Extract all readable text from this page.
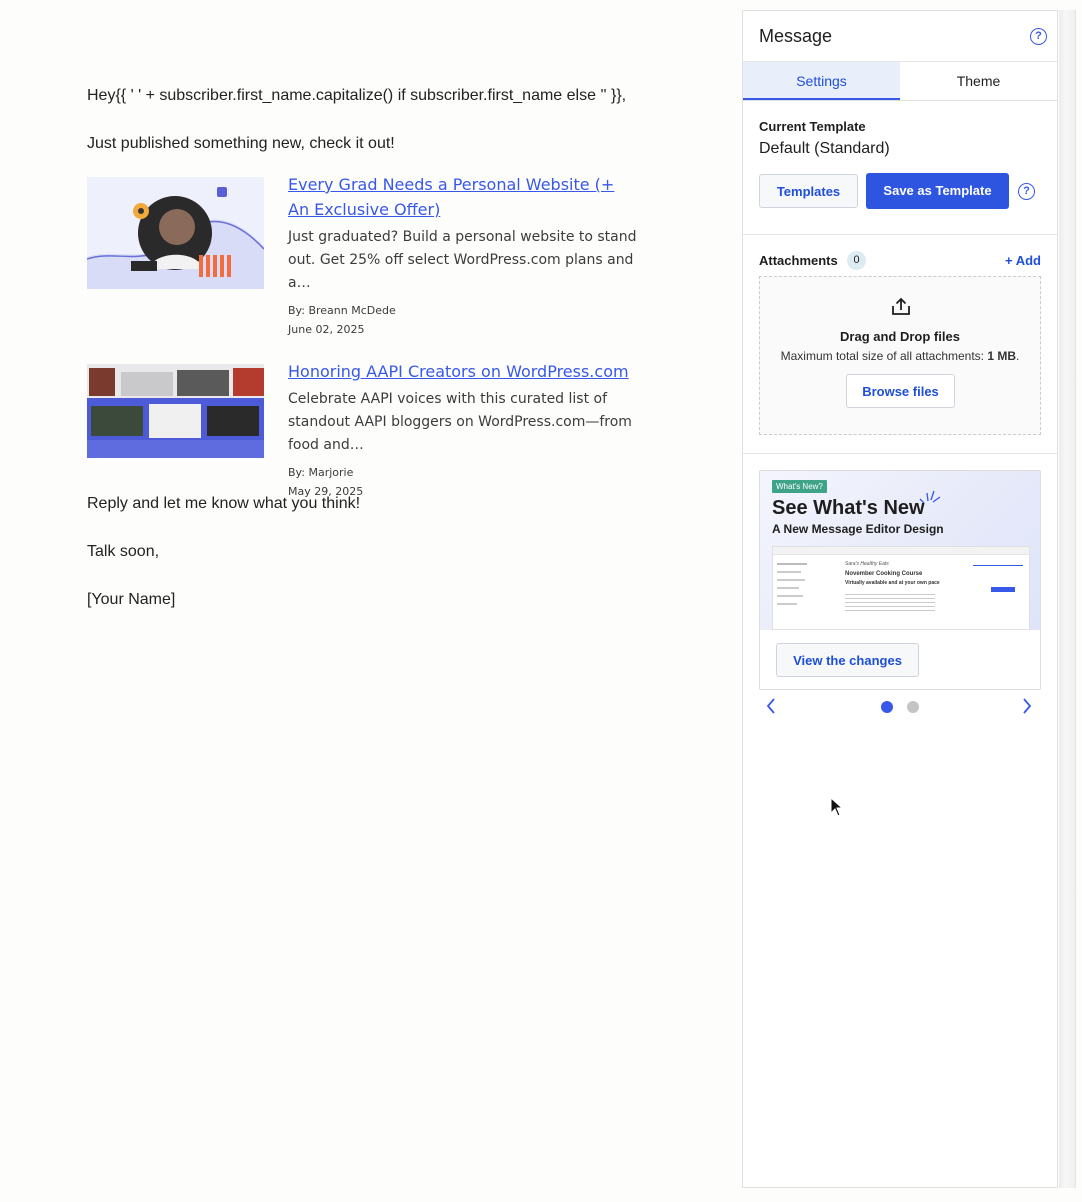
Hey{{ ' ' + subscriber.first_name.capitalize() if subscriber.first_name else '' }},

Just published something new, check it out!

Every Grad Needs a Personal Website (+ An Exclusive Offer)
Just graduated? Build a personal website to stand out. Get 25% off select WordPress.com plans and a…
By: Breann McDede
June 02, 2025
Honoring AAPI Creators on WordPress.com
Celebrate AAPI voices with this curated list of standout AAPI bloggers on WordPress.com—from food and…
By: Marjorie
May 29, 2025

Reply and let me know what you think!

Talk soon,

[Your Name]

Message	?
Settings	Theme
Current Template
Default (Standard)
Templates	Save as Template	?
Attachments	0	+ Add
Drag and Drop files
Maximum total size of all attachments: 1 MB.
Browse files
What's New?
See What's New
A New Message Editor Design
Sara's Healthy Eats
November Cooking Course
Virtually available and at your own pace
View the changes
